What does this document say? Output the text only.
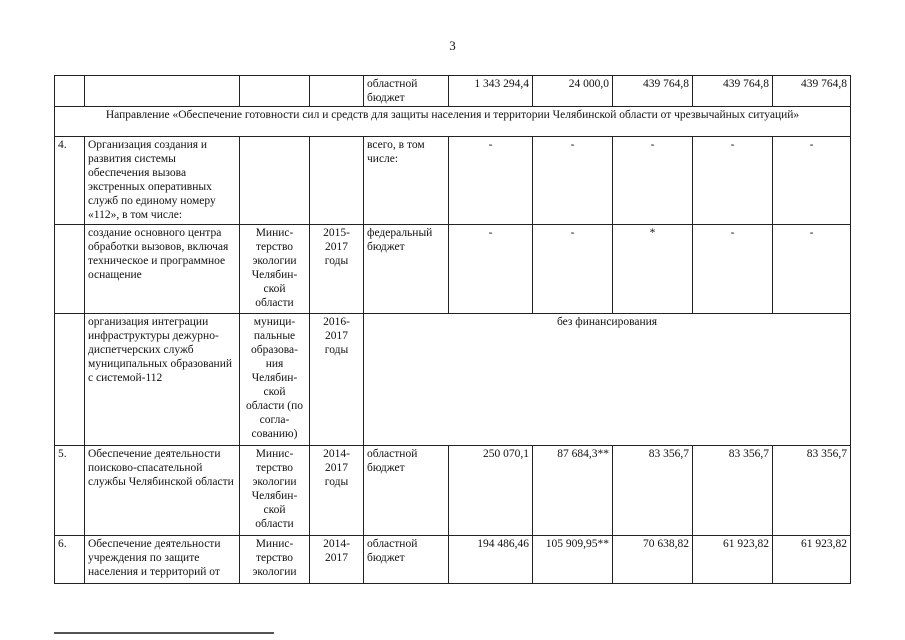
3
				областной бюджет	1 343 294,4	24 000,0	439 764,8	439 764,8	439 764,8
Направление «Обеспечение готовности сил и средств для защиты населения и территории Челябинской области от чрезвычайных ситуаций»									
4.	Организация создания и развития системы обеспечения вызова экстренных оперативных служб по единому номеру «112», в том числе:			всего, в том числе:	-	-	-	-	-
	создание основного центра обработки вызовов, включая техническое и программное оснащение	Минис-терство экологии Челябин-ской области	2015-2017 годы	федеральный бюджет	-	-	*	-	-
	организация интеграции инфраструктуры дежурно-диспетчерских служб муниципальных образований с системой-112	муници-пальные образова-ния Челябин-ской области (по согла-сованию)	2016-2017 годы	без финансирования					
5.	Обеспечение деятельности поисково-спасательной службы Челябинской области	Минис-терство экологии Челябин-ской области	2014-2017 годы	областной бюджет	250 070,1	87 684,3**	83 356,7	83 356,7	83 356,7
6.	Обеспечение деятельности учреждения по защите населения и территорий от	Минис-терство экологии	2014-2017	областной бюджет	194 486,46	105 909,95**	70 638,82	61 923,82	61 923,82
